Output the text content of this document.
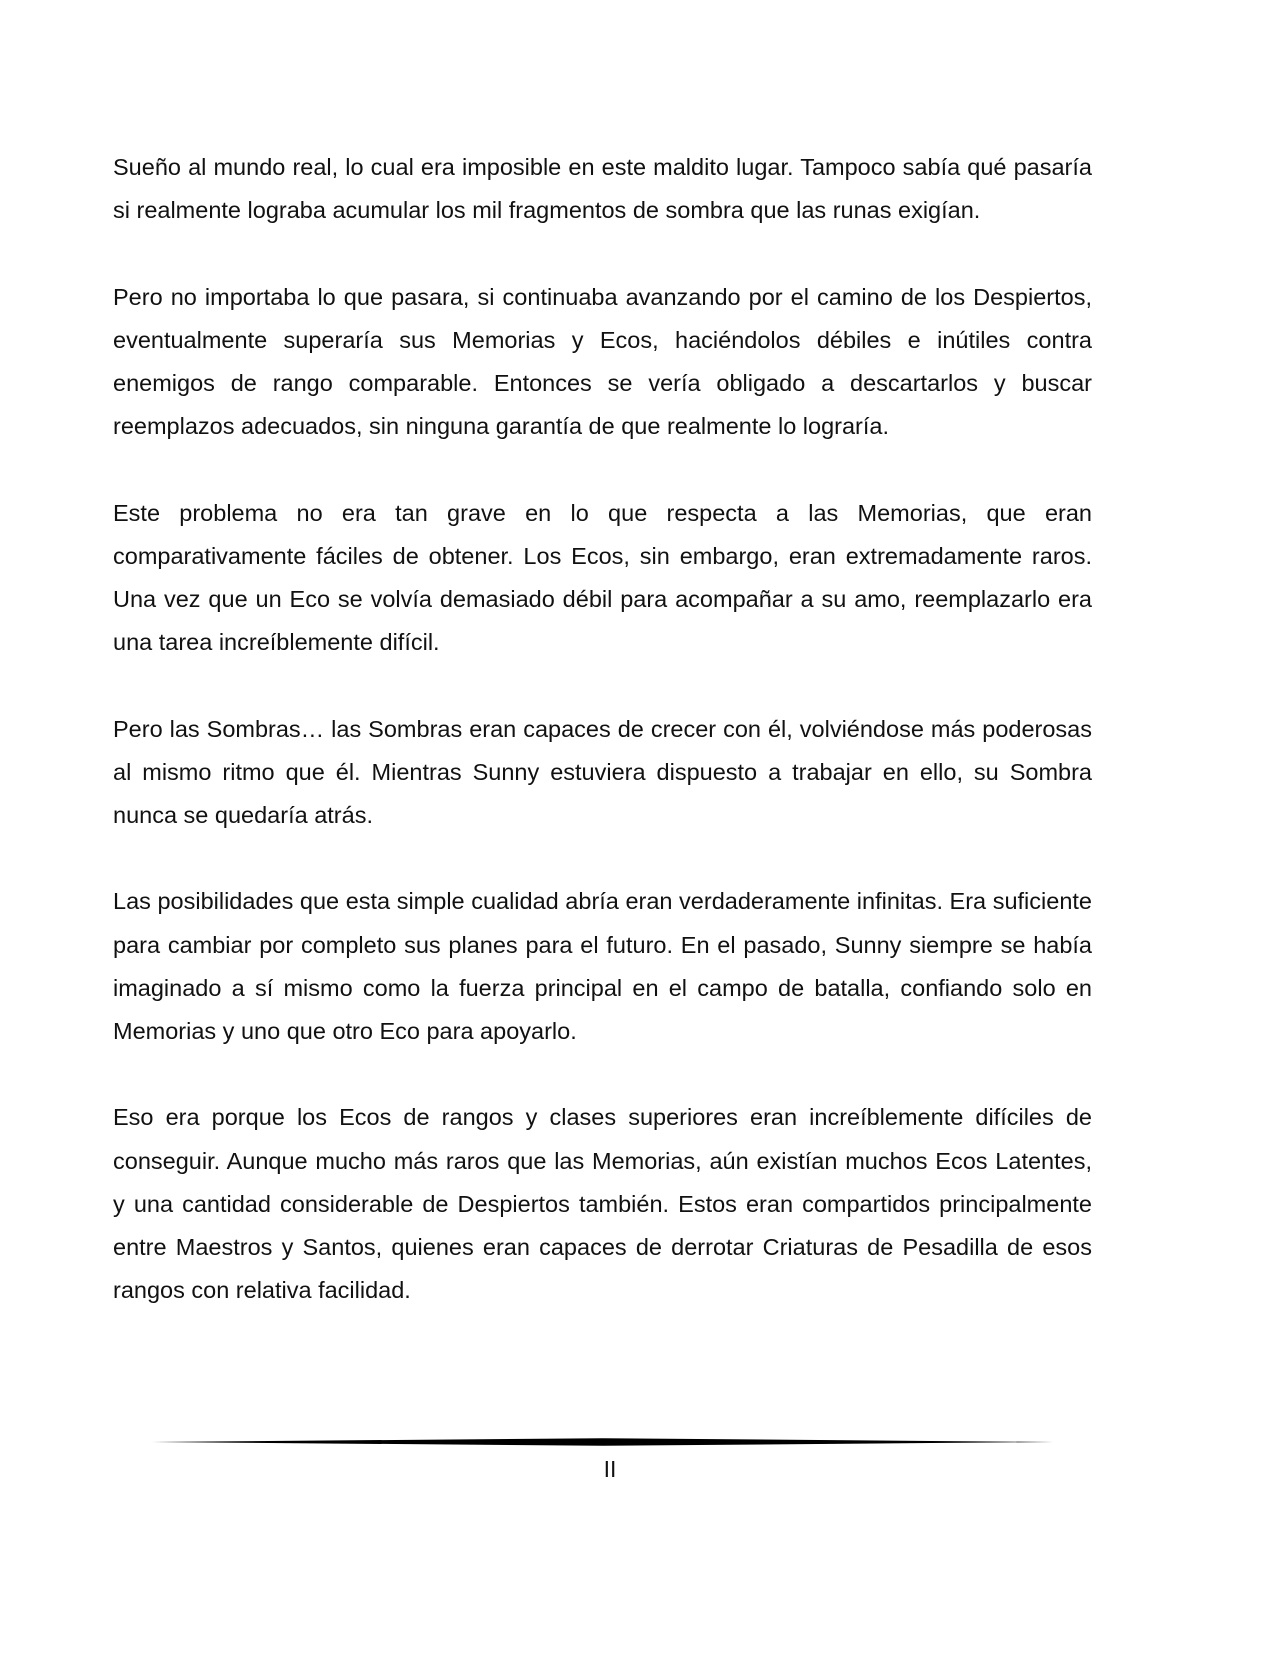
Sueño al mundo real, lo cual era imposible en este maldito lugar. Tampoco sabía qué pasaría si realmente lograba acumular los mil fragmentos de sombra que las runas exigían.

Pero no importaba lo que pasara, si continuaba avanzando por el camino de los Despiertos, eventualmente superaría sus Memorias y Ecos, haciéndolos débiles e inútiles contra enemigos de rango comparable. Entonces se vería obligado a descartarlos y buscar reemplazos adecuados, sin ninguna garantía de que realmente lo lograría.

Este problema no era tan grave en lo que respecta a las Memorias, que eran comparativamente fáciles de obtener. Los Ecos, sin embargo, eran extremadamente raros. Una vez que un Eco se volvía demasiado débil para acompañar a su amo, reemplazarlo era una tarea increíblemente difícil.

Pero las Sombras… las Sombras eran capaces de crecer con él, volviéndose más poderosas al mismo ritmo que él. Mientras Sunny estuviera dispuesto a trabajar en ello, su Sombra nunca se quedaría atrás.

Las posibilidades que esta simple cualidad abría eran verdaderamente infinitas. Era suficiente para cambiar por completo sus planes para el futuro. En el pasado, Sunny siempre se había imaginado a sí mismo como la fuerza principal en el campo de batalla, confiando solo en Memorias y uno que otro Eco para apoyarlo.

Eso era porque los Ecos de rangos y clases superiores eran increíblemente difíciles de conseguir. Aunque mucho más raros que las Memorias, aún existían muchos Ecos Latentes, y una cantidad considerable de Despiertos también. Estos eran compartidos principalmente entre Maestros y Santos, quienes eran capaces de derrotar Criaturas de Pesadilla de esos rangos con relativa facilidad.

II
